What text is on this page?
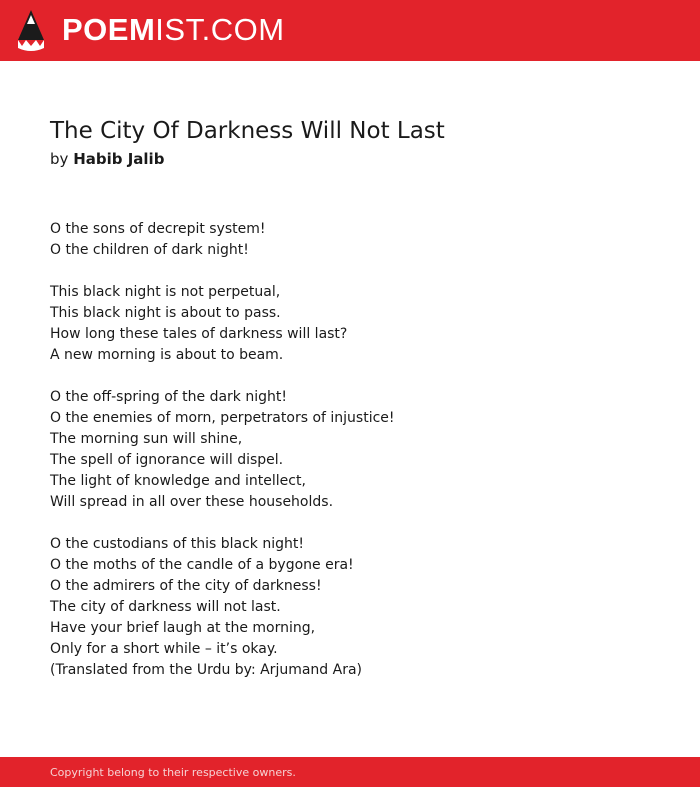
POEMIST.COM
The City Of Darkness Will Not Last
by Habib Jalib
O the sons of decrepit system!
O the children of dark night!
This black night is not perpetual,
This black night is about to pass.
How long these tales of darkness will last?
A new morning is about to beam.
O the off-spring of the dark night!
O the enemies of morn, perpetrators of injustice!
The morning sun will shine,
The spell of ignorance will dispel.
The light of knowledge and intellect,
Will spread in all over these households.
O the custodians of this black night!
O the moths of the candle of a bygone era!
O the admirers of the city of darkness!
The city of darkness will not last.
Have your brief laugh at the morning,
Only for a short while – it’s okay.
(Translated from the Urdu by: Arjumand Ara)
Copyright belong to their respective owners.
